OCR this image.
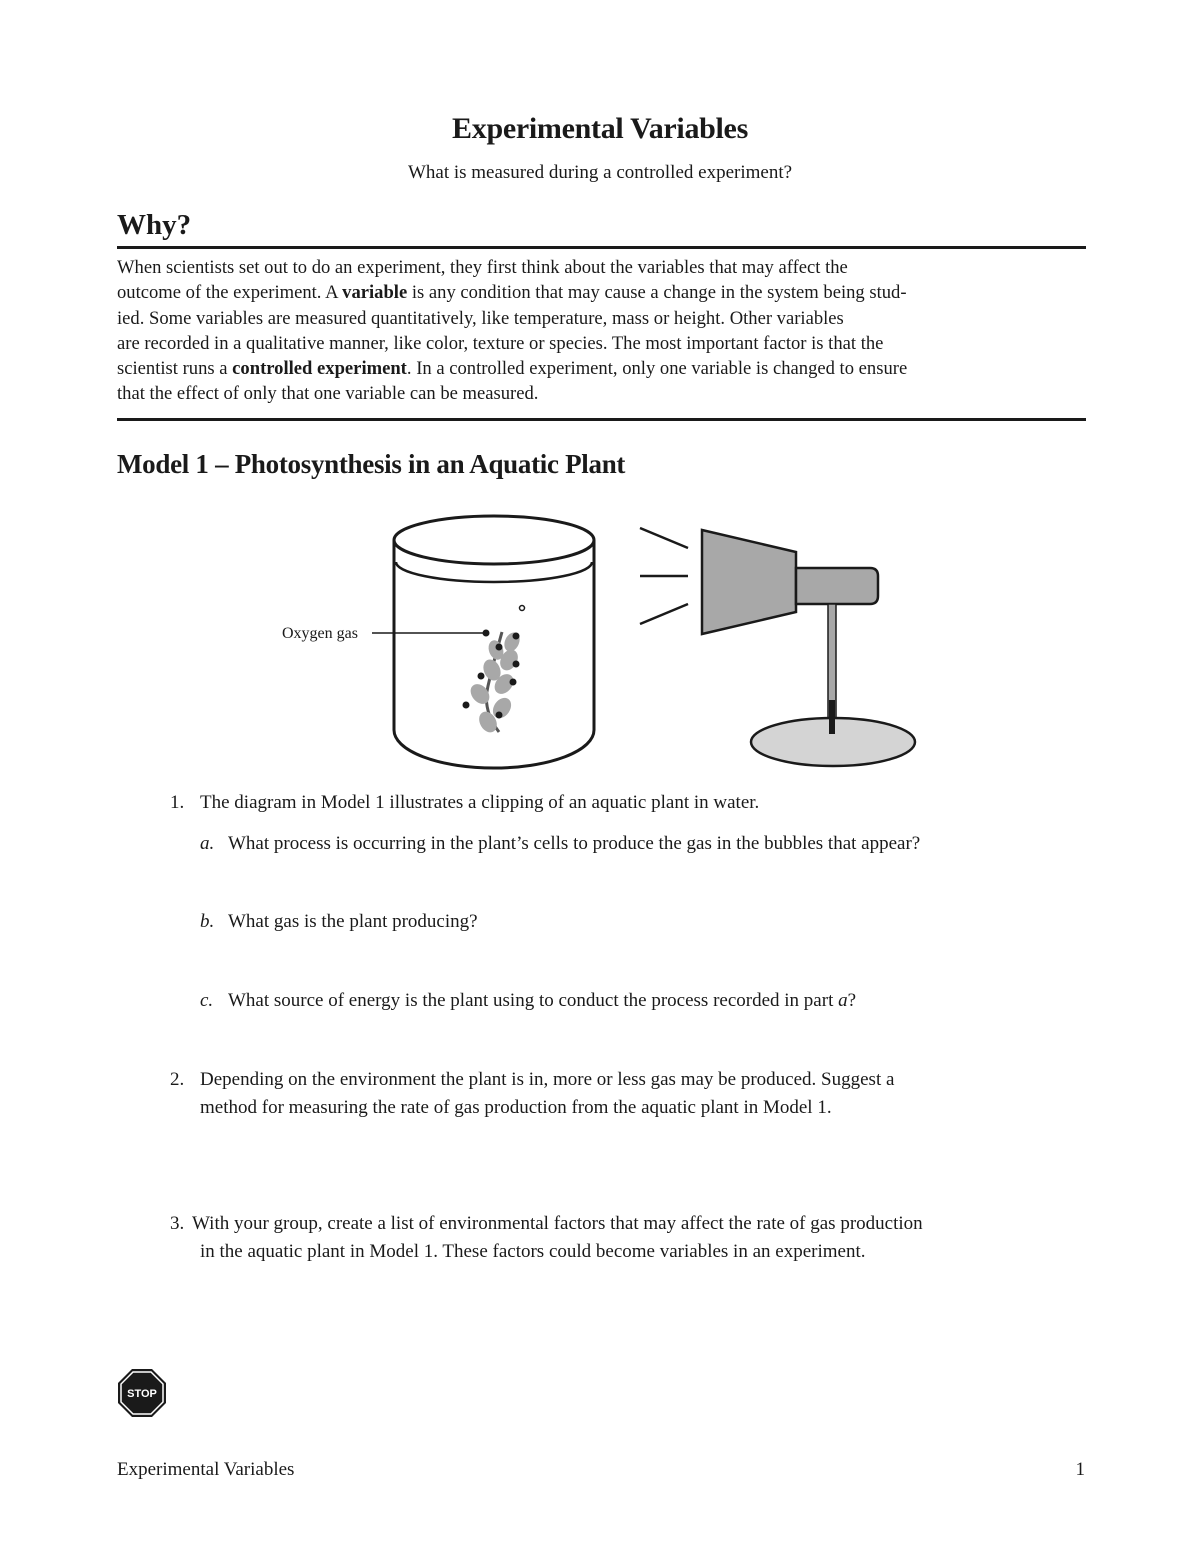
Experimental Variables
What is measured during a controlled experiment?
Why?
When scientists set out to do an experiment, they first think about the variables that may affect the
outcome of the experiment. A variable is any condition that may cause a change in the system being stud-
ied. Some variables are measured quantitatively, like temperature, mass or height. Other variables
are recorded in a qualitative manner, like color, texture or species. The most important factor is that the
scientist runs a controlled experiment. In a controlled experiment, only one variable is changed to ensure
that the effect of only that one variable can be measured.
Model 1 – Photosynthesis in an Aquatic Plant
Oxygen gas
1. The diagram in Model 1 illustrates a clipping of an aquatic plant in water.
a. What process is occurring in the plant’s cells to produce the gas in the bubbles that appear?
b. What gas is the plant producing?
c. What source of energy is the plant using to conduct the process recorded in part a?
2. Depending on the environment the plant is in, more or less gas may be produced. Suggest a
method for measuring the rate of gas production from the aquatic plant in Model 1.
3. With your group, create a list of environmental factors that may affect the rate of gas production
in the aquatic plant in Model 1. These factors could become variables in an experiment.
STOP
Experimental Variables	1
